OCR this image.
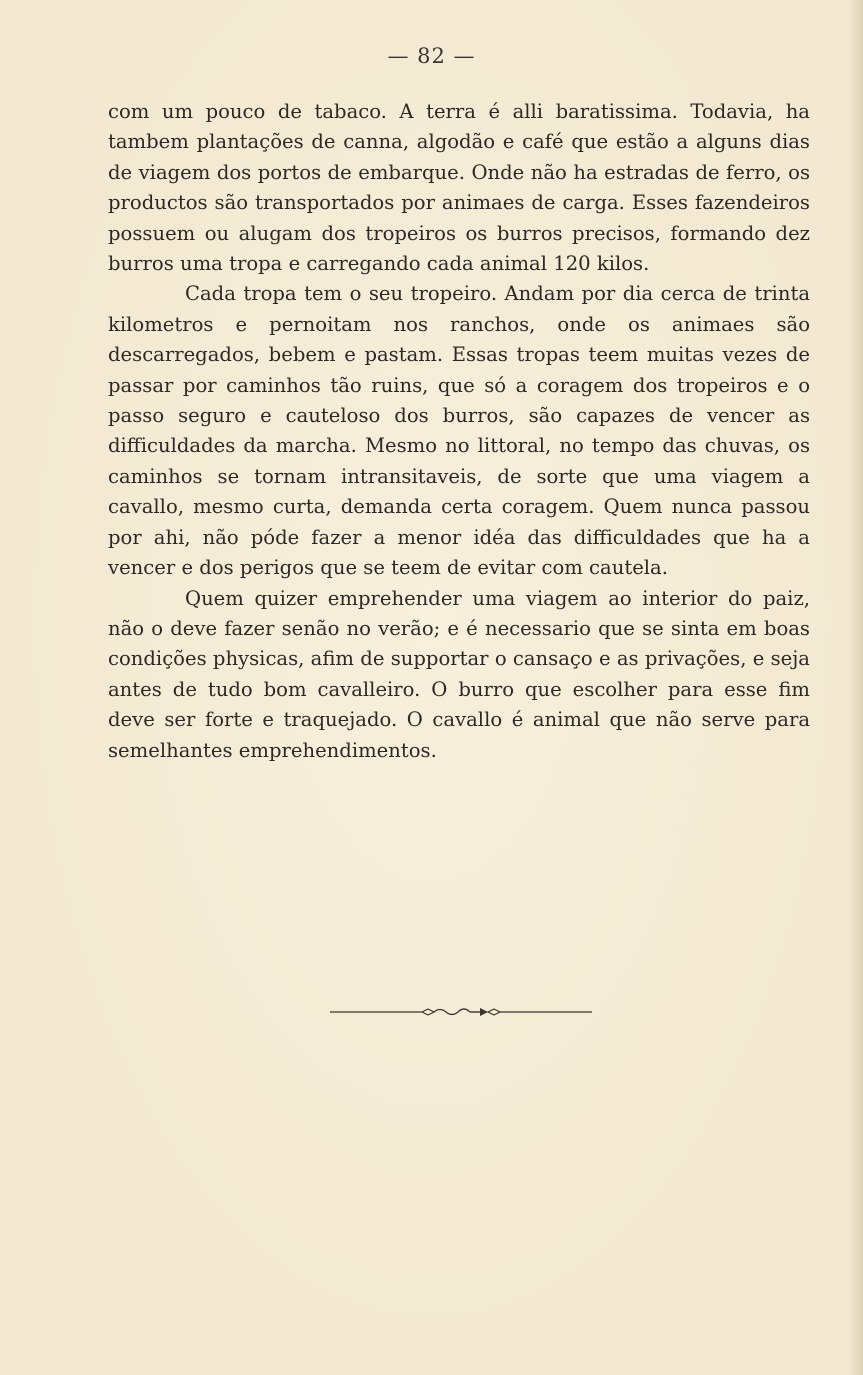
— 82 —

com um pouco de tabaco. A terra é alli baratissima. Todavia, ha tambem plantações de canna, algodão e café que estão a alguns dias de viagem dos portos de embarque. Onde não ha estradas de ferro, os productos são transportados por animaes de carga. Esses fazendeiros possuem ou alugam dos tropeiros os burros precisos, formando dez burros uma tropa e carregando cada animal 120 kilos.

Cada tropa tem o seu tropeiro. Andam por dia cerca de trinta kilometros e pernoitam nos ranchos, onde os animaes são descarregados, bebem e pastam. Essas tropas teem muitas vezes de passar por caminhos tão ruins, que só a coragem dos tropeiros e o passo seguro e cauteloso dos burros, são capazes de vencer as difficuldades da marcha. Mesmo no littoral, no tempo das chuvas, os caminhos se tornam intransitaveis, de sorte que uma viagem a cavallo, mesmo curta, demanda certa coragem. Quem nunca passou por ahi, não póde fazer a menor idéa das difficuldades que ha a vencer e dos perigos que se teem de evitar com cautela.

Quem quizer emprehender uma viagem ao interior do paiz, não o deve fazer senão no verão; e é necessario que se sinta em boas condições physicas, afim de supportar o cansaço e as privações, e seja antes de tudo bom cavalleiro. O burro que escolher para esse fim deve ser forte e traquejado. O cavallo é animal que não serve para semelhantes emprehendimentos.
